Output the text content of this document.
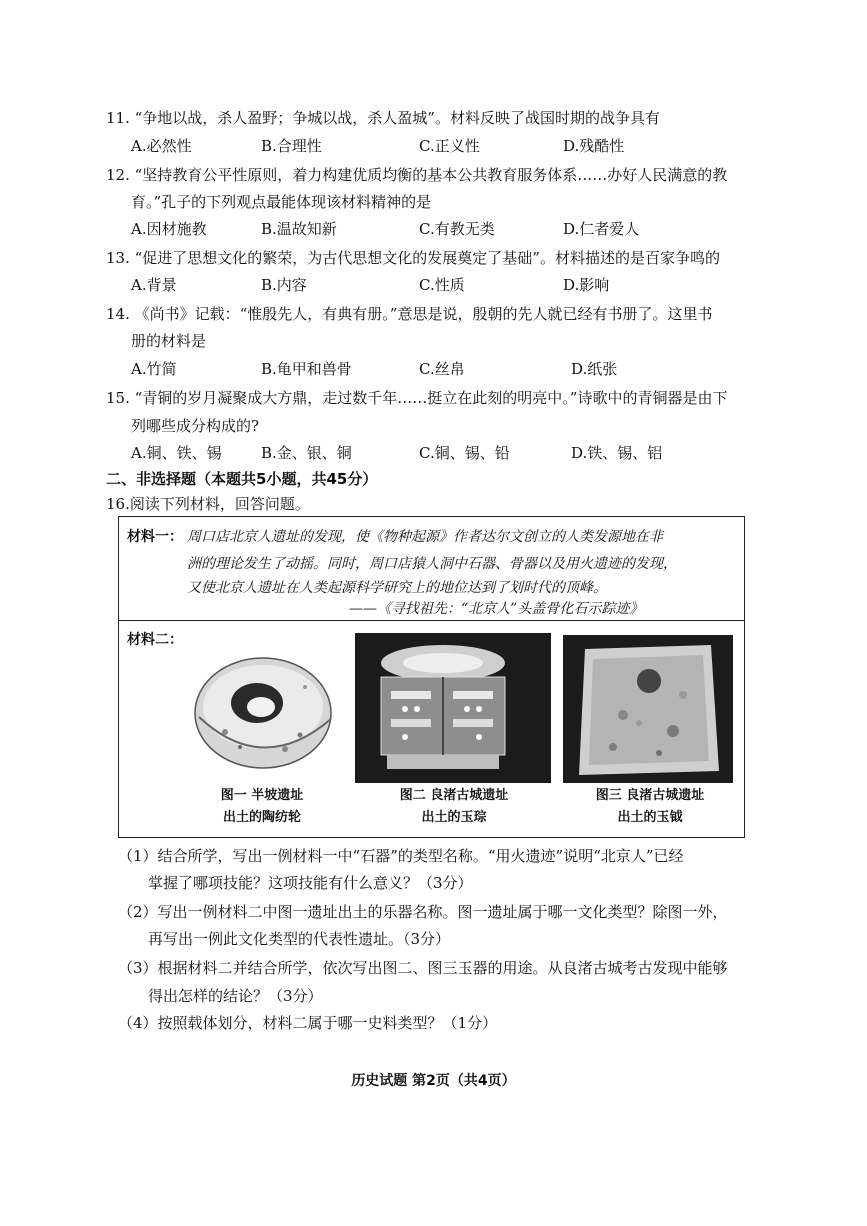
11. “争地以战，杀人盈野；争城以战，杀人盈城”。材料反映了战国时期的战争具有
A.必然性	B.合理性	C.正义性	D.残酷性
12. “坚持教育公平性原则，着力构建优质均衡的基本公共教育服务体系……办好人民满意的教
育。”孔子的下列观点最能体现该材料精神的是
A.因材施教	B.温故知新	C.有教无类	D.仁者爱人
13. “促进了思想文化的繁荣，为古代思想文化的发展奠定了基础”。材料描述的是百家争鸣的
A.背景	B.内容	C.性质	D.影响
14. 《尚书》记载：“惟殷先人，有典有册。”意思是说，殷朝的先人就已经有书册了。这里书
册的材料是
A.竹简	B.龟甲和兽骨	C.丝帛	D.纸张
15. “青铜的岁月凝聚成大方鼎，走过数千年……挺立在此刻的明亮中。”诗歌中的青铜器是由下
列哪些成分构成的?
A.铜、铁、锡	B.金、银、铜	C.铜、锡、铅	D.铁、锡、铝
二、非选择题（本题共5小题，共45分）
16.阅读下列材料，回答问题。
材料一： 周口店北京人遗址的发现，使《物种起源》作者达尔文创立的人类发源地在非
洲的理论发生了动摇。同时，周口店猿人洞中石器、骨器以及用火遗迹的发现，
又使北京人遗址在人类起源科学研究上的地位达到了划时代的顶峰。
——《寻找祖先：“北京人”头盖骨化石示踪迹》
材料二：
图一 半坡遗址
出土的陶纺轮
图二 良渚古城遗址
出土的玉琮
图三 良渚古城遗址
出土的玉钺
（1）结合所学，写出一例材料一中“石器”的类型名称。“用火遗迹”说明“北京人”已经
掌握了哪项技能？这项技能有什么意义？（3分）
（2）写出一例材料二中图一遗址出土的乐器名称。图一遗址属于哪一文化类型？除图一外，
再写出一例此文化类型的代表性遗址。（3分）
（3）根据材料二并结合所学，依次写出图二、图三玉器的用途。从良渚古城考古发现中能够
得出怎样的结论？（3分）
（4）按照载体划分，材料二属于哪一史料类型？（1分）
历史试题 第2页（共4页）
